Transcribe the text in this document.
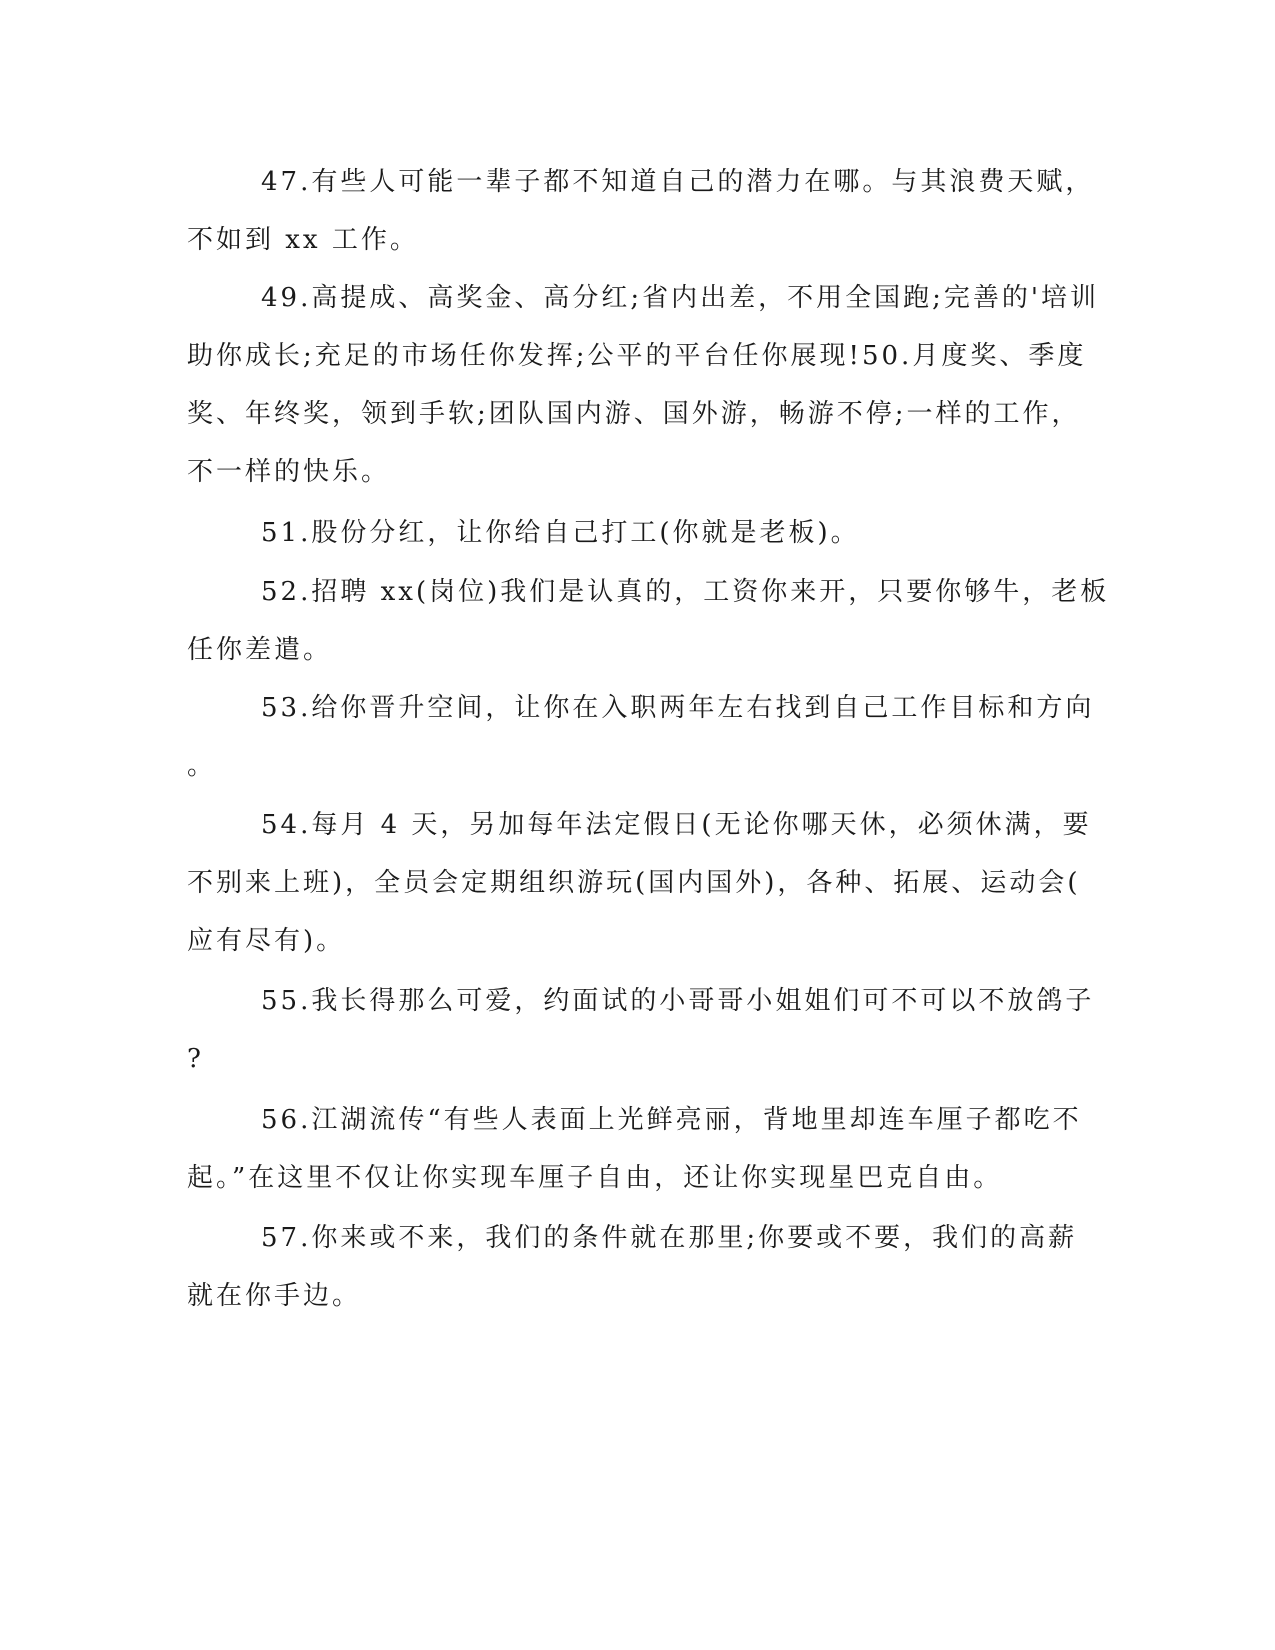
47.有些人可能一辈子都不知道自己的潜力在哪。与其浪费天赋，
不如到 xx 工作。
49.高提成、高奖金、高分红;省内出差，不用全国跑;完善的'培训
助你成长;充足的市场任你发挥;公平的平台任你展现!50.月度奖、季度
奖、年终奖，领到手软;团队国内游、国外游，畅游不停;一样的工作，
不一样的快乐。
51.股份分红，让你给自己打工(你就是老板)。
52.招聘 xx(岗位)我们是认真的，工资你来开，只要你够牛，老板
任你差遣。
53.给你晋升空间，让你在入职两年左右找到自己工作目标和方向
。
54.每月 4 天，另加每年法定假日(无论你哪天休，必须休满，要
不别来上班)，全员会定期组织游玩(国内国外)，各种、拓展、运动会(
应有尽有)。
55.我长得那么可爱，约面试的小哥哥小姐姐们可不可以不放鸽子
?
56.江湖流传“有些人表面上光鲜亮丽，背地里却连车厘子都吃不
起。”在这里不仅让你实现车厘子自由，还让你实现星巴克自由。
57.你来或不来，我们的条件就在那里;你要或不要，我们的高薪
就在你手边。
